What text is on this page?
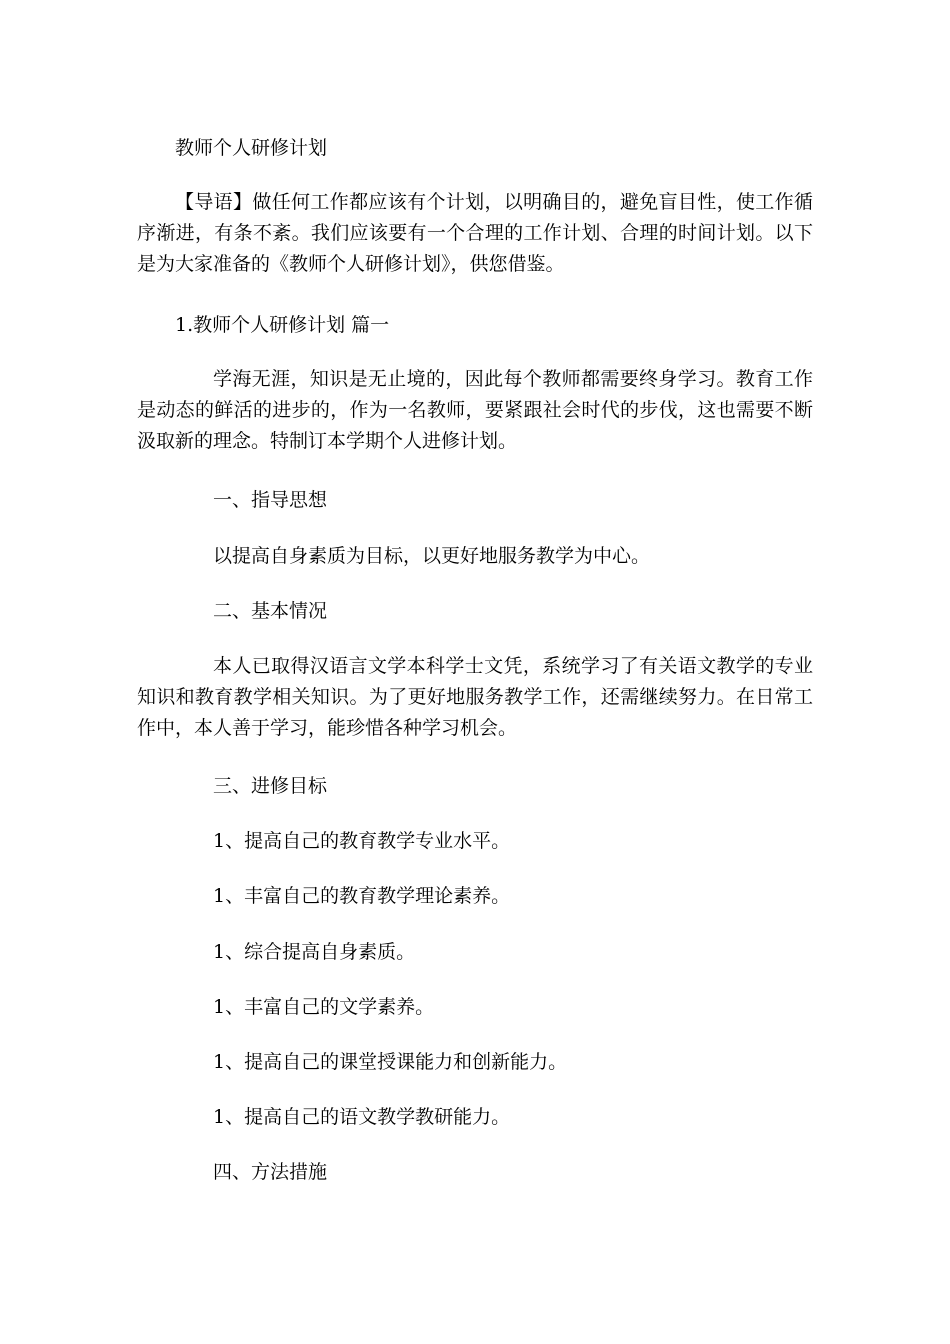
教师个人研修计划

【导语】做任何工作都应该有个计划，以明确目的，避免盲目性，使工作循序渐进，有条不紊。我们应该要有一个合理的工作计划、合理的时间计划。以下是为大家准备的《教师个人研修计划》，供您借鉴。

1.教师个人研修计划 篇一

学海无涯，知识是无止境的，因此每个教师都需要终身学习。教育工作是动态的鲜活的进步的，作为一名教师，要紧跟社会时代的步伐，这也需要不断汲取新的理念。特制订本学期个人进修计划。

一、指导思想

以提高自身素质为目标，以更好地服务教学为中心。

二、基本情况

本人已取得汉语言文学本科学士文凭，系统学习了有关语文教学的专业知识和教育教学相关知识。为了更好地服务教学工作，还需继续努力。在日常工作中，本人善于学习，能珍惜各种学习机会。

三、进修目标

1、提高自己的教育教学专业水平。

1、丰富自己的教育教学理论素养。

1、综合提高自身素质。

1、丰富自己的文学素养。

1、提高自己的课堂授课能力和创新能力。

1、提高自己的语文教学教研能力。

四、方法措施
